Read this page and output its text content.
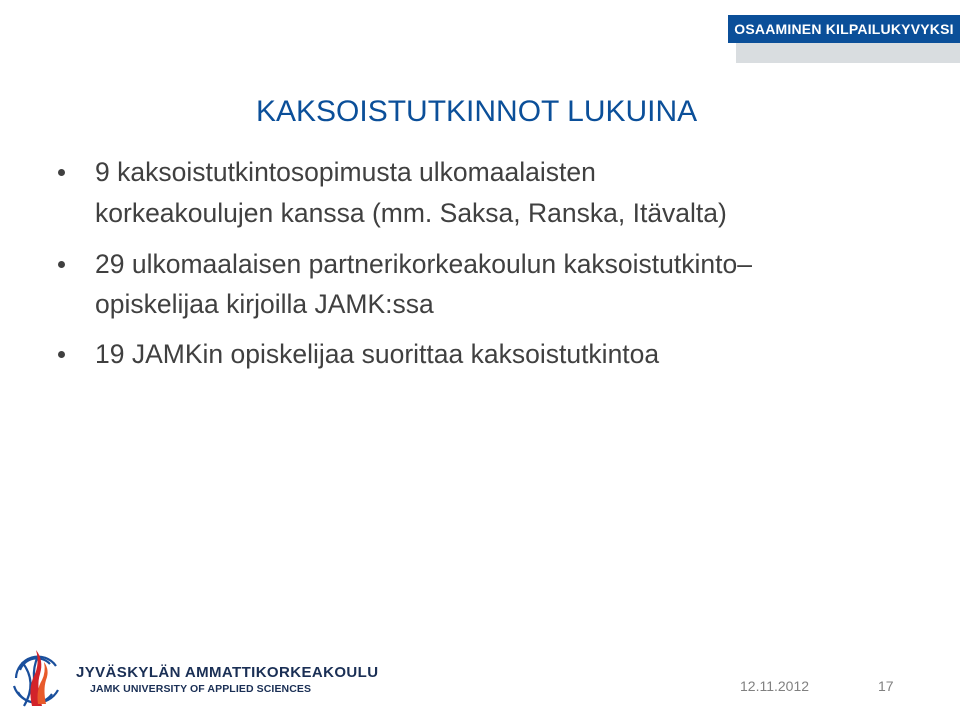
OSAAMINEN KILPAILUKYVYKSI
KAKSOISTUTKINNOT LUKUINA
9 kaksoistutkintosopimusta ulkomaalaisten
korkeakoulujen kanssa (mm. Saksa, Ranska, Itävalta)
29 ulkomaalaisen partnerikorkeakoulun kaksoistutkinto–
opiskelijaa kirjoilla JAMK:ssa
19 JAMKin opiskelijaa suorittaa kaksoistutkintoa
JYVÄSKYLÄN AMMATTIKORKEAKOULU
JAMK UNIVERSITY OF APPLIED SCIENCES	12.11.2012	17
